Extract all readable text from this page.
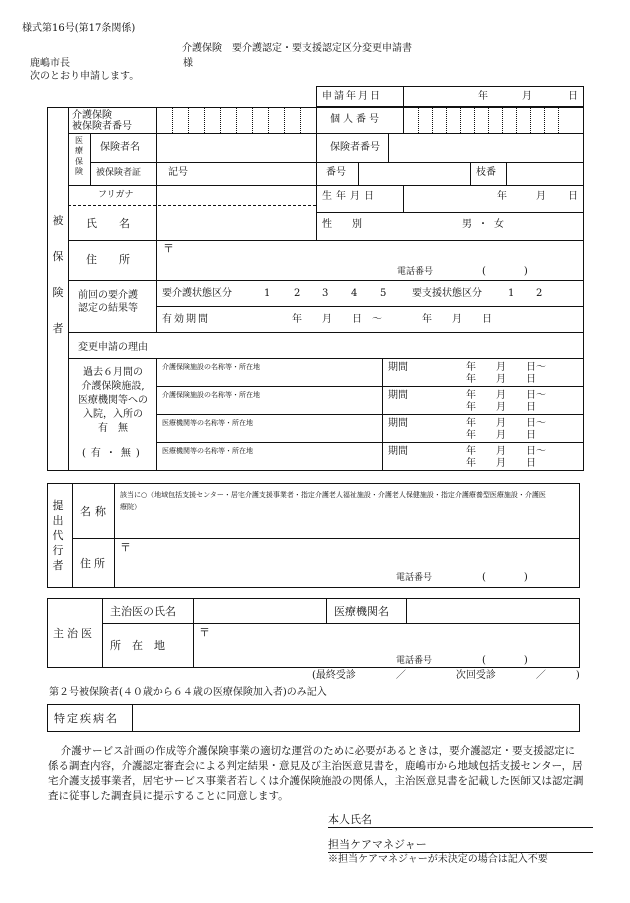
様式第16号(第17条関係)
介護保険　要介護認定・要支援認定区分変更申請書
鹿嶋市長	様
次のとおり申請します。
申請年月日	年	月	日
被
保
険
者
介護保険
被保険者番号
個人番号
医
療
保
険
保険者名	保険者番号
被保険者証	記号	番号	枝番
フリガナ	生年月日	年	月 日
氏　　名	性　　別	男・女
住　　所
〒
電話番号	(　　)
前回の要介護
認定の結果等
要介護状態区分	1 2 3 4 5	要支援状態区分	1 2
有効期間	年　　月　　日　～　　　　年　　月　　日
変更申請の理由
過去６月間の
介護保険施設,
医療機関等への
入院，入所の
有　無
(有・無)
介護保険施設の名称等・所在地	期間	年　　月　　日～
年　　月　　日
介護保険施設の名称等・所在地	期間	年　　月　　日～
年　　月　　日
医療機関等の名称等・所在地	期間	年　　月　　日～
年　　月　　日
医療機関等の名称等・所在地	期間	年　　月　　日～
年　　月　　日
提
出
代
行
者
名称
該当に○（地域包括支援センター・居宅介護支援事業者・指定介護老人福祉施設・介護老人保健施設・指定介護療養型医療施設・介護医療院）
住所
〒
電話番号	(　　)
主治医
主治医の氏名	医療機関名
所　在　地
〒
電話番号	(　　)
(最終受診　　　　／　　　　　次回受診　　　　／　　　)
第２号被保険者(４０歳から６４歳の医療保険加入者)のみ記入
特定疾病名
介護サービス計画の作成等介護保険事業の適切な運営のために必要があるときは，要介護認定・要支援認定に係る調査内容，介護認定審査会による判定結果・意見及び主治医意見書を，鹿嶋市から地域包括支援センター，居宅介護支援事業者，居宅サービス事業者若しくは介護保険施設の関係人，主治医意見書を記載した医師又は認定調査に従事した調査員に提示することに同意します。
本人氏名
担当ケアマネジャー
※担当ケアマネジャーが未決定の場合は記入不要
